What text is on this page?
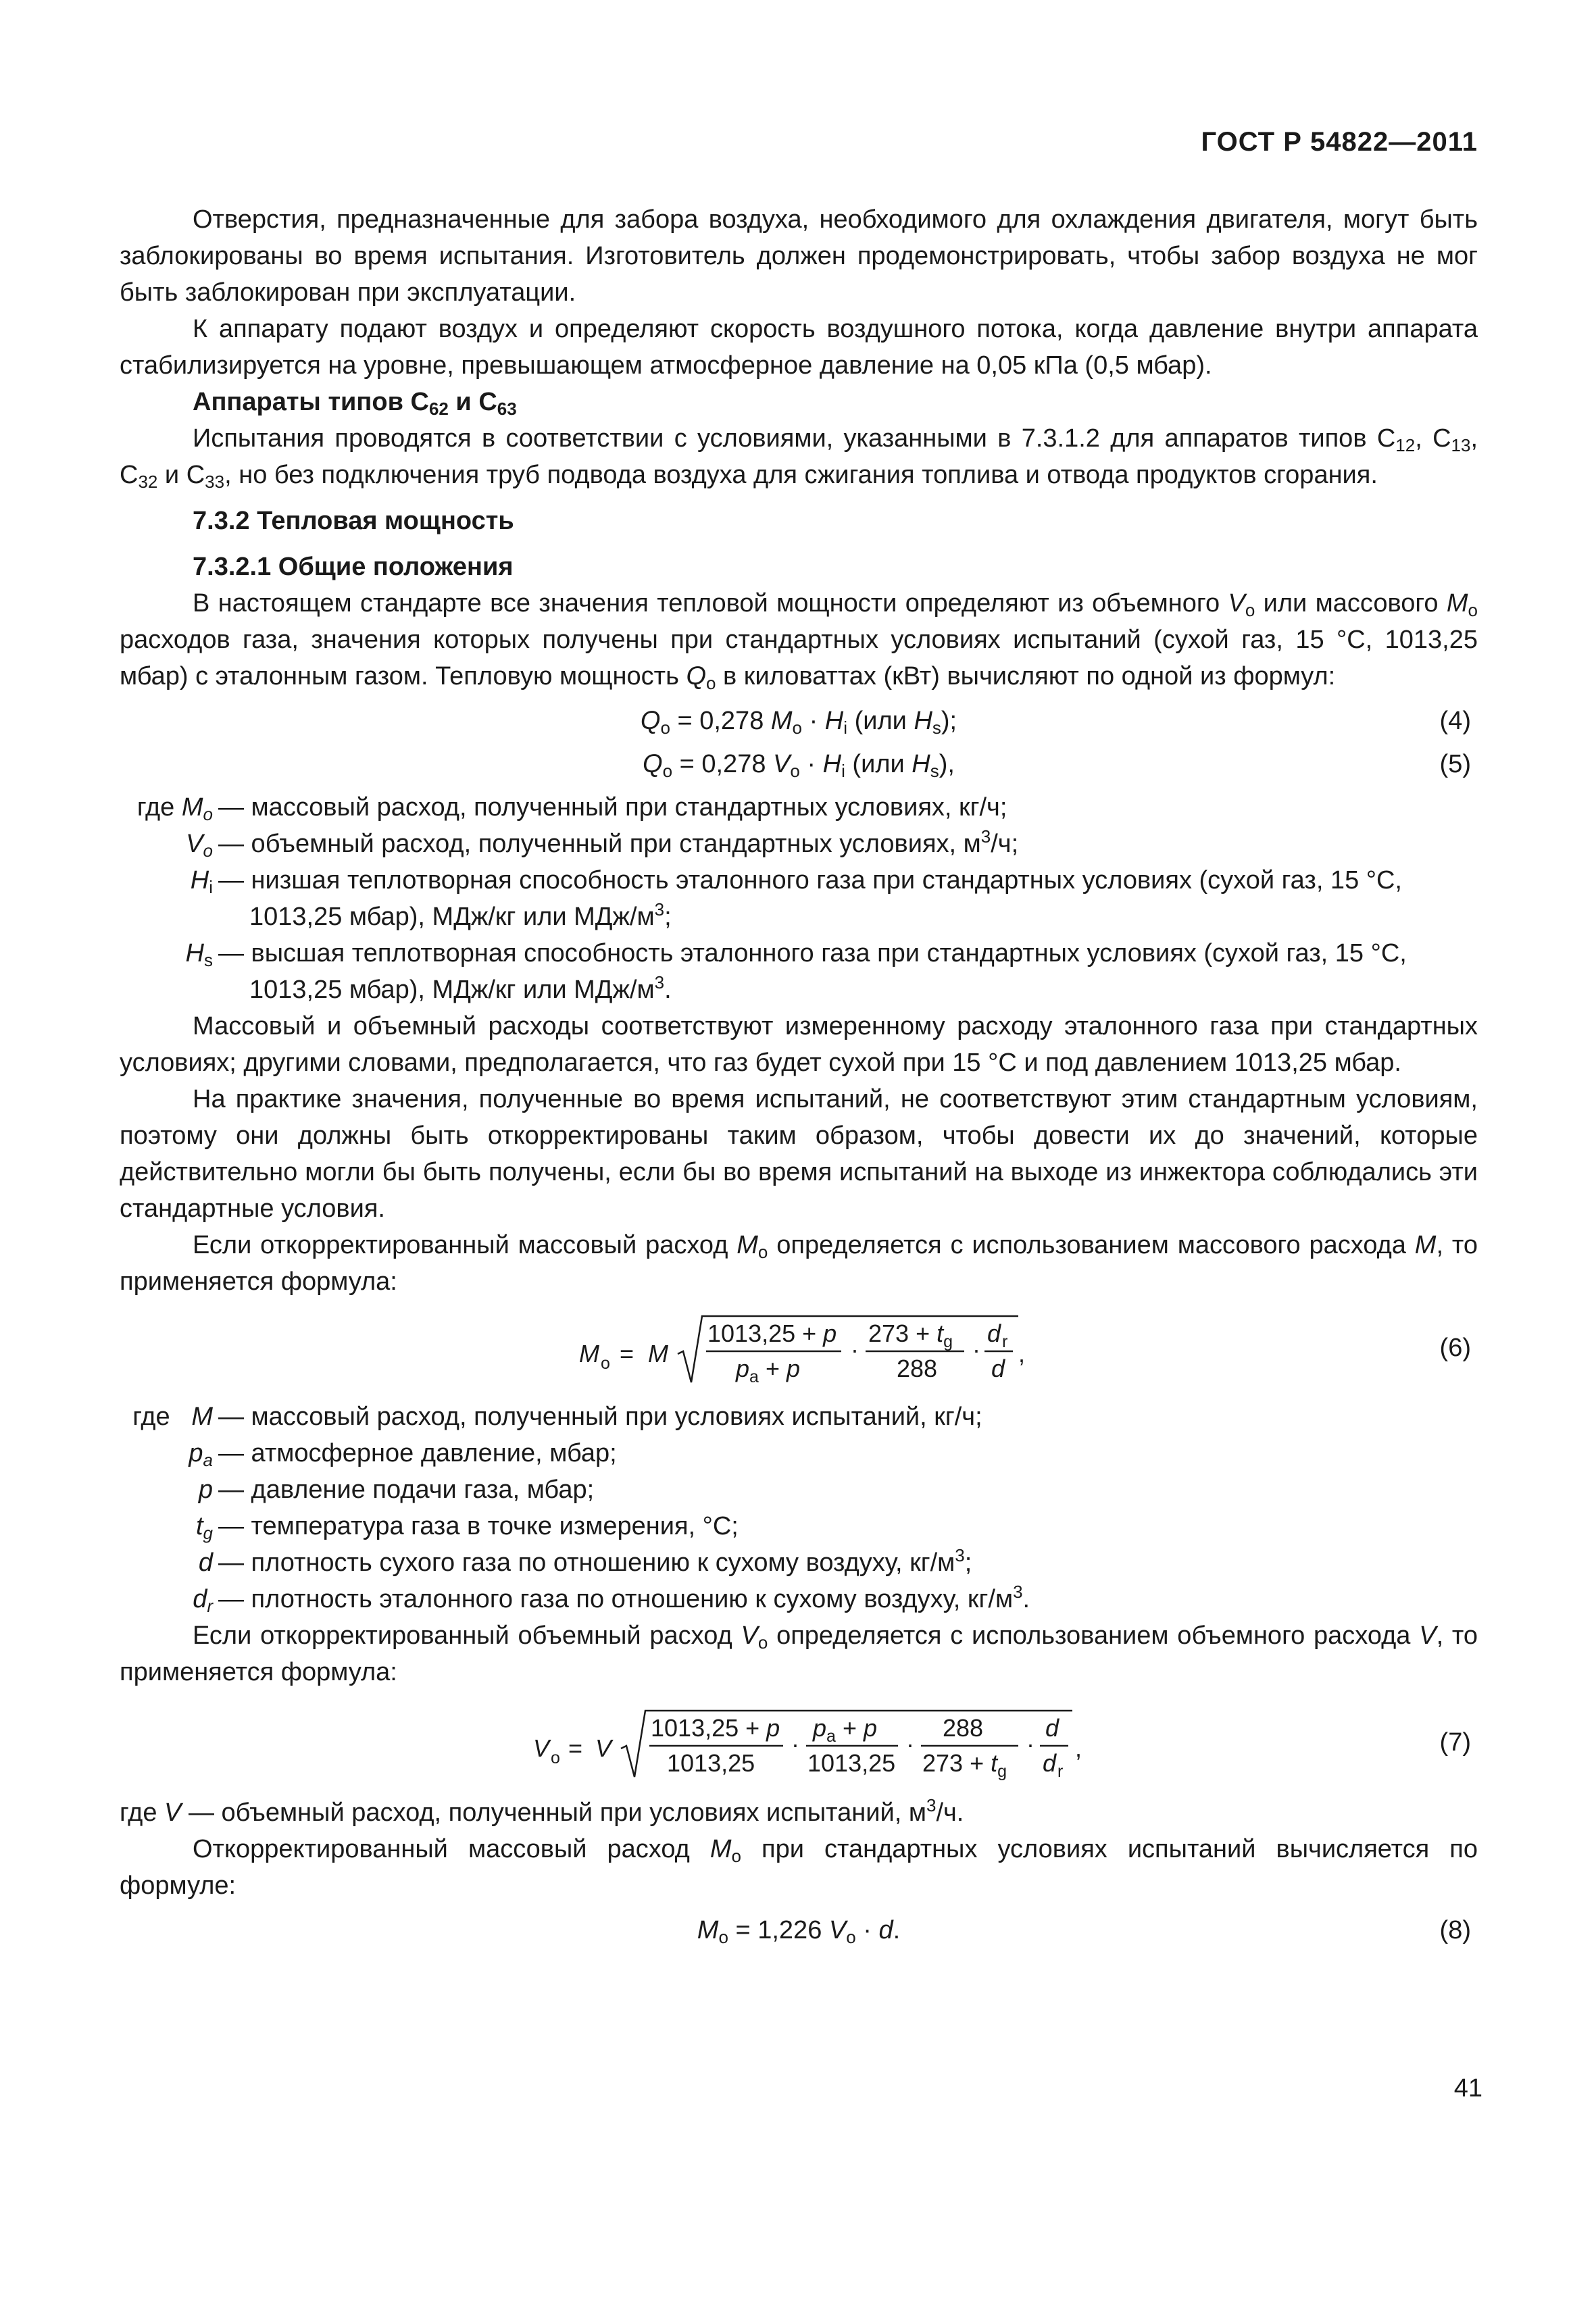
ГОСТ Р 54822—2011

Отверстия, предназначенные для забора воздуха, необходимого для охлаждения двигателя, могут быть заблокированы во время испытания. Изготовитель должен продемонстрировать, чтобы забор воздуха не мог быть заблокирован при эксплуатации.

К аппарату подают воздух и определяют скорость воздушного потока, когда давление внутри аппарата стабилизируется на уровне, превышающем атмосферное давление на 0,05 кПа (0,5 мбар).

Аппараты типов $C_{62}$ и $C_{63}$

Испытания проводятся в соответствии с условиями, указанными в 7.3.1.2 для аппаратов типов $C_{12}$, $C_{13}$, $C_{32}$ и $C_{33}$, но без подключения труб подвода воздуха для сжигания топлива и отвода продуктов сгорания.

7.3.2 Тепловая мощность

7.3.2.1 Общие положения

В настоящем стандарте все значения тепловой мощности определяют из объемного $V_o$ или массового $M_o$ расходов газа, значения которых получены при стандартных условиях испытаний (сухой газ, 15 °C, 1013,25 мбар) с эталонным газом. Тепловую мощность $Q_o$ в киловаттах (кВт) вычисляют по одной из формул:

$Q_o = 0,278$ $M_o \cdot H_i$ (или $H_s$);	(4)
$Q_o = 0,278$ $V_o \cdot H_i$ (или $H_s$),	(5)
где $M_o$ — массовый расход, полученный при стандартных условиях, кг/ч;
$V_o$ — объемный расход, полученный при стандартных условиях, $м^3/ч$;
$H_i$ — низшая теплотворная способность эталонного газа при стандартных условиях (сухой газ, 15 °C,
1013,25 мбар), МДж/кг или МДж/$м^3$;
$H_s$ — высшая теплотворная способность эталонного газа при стандартных условиях (сухой газ, 15 °C,
1013,25 мбар), МДж/кг или МДж/$м^3$.

Массовый и объемный расходы соответствуют измеренному расходу эталонного газа при стандартных условиях; другими словами, предполагается, что газ будет сухой при 15 °C и под давлением 1013,25 мбар.

На практике значения, полученные во время испытаний, не соответствуют этим стандартным условиям, поэтому они должны быть откорректированы таким образом, чтобы довести их до значений, которые действительно могли бы быть получены, если бы во время испытаний на выходе из инжектора соблюдались эти стандартные условия.

Если откорректированный массовый расход $M_o$ определяется с использованием массового расхода M, то применяется формула:

M o = M
1013,25 + p
$p_a + p$
·
$273 + t_g$
288
·
d r
d
,	(6)
где   M — массовый расход, полученный при условиях испытаний, кг/ч;
$p_a$ — атмосферное давление, мбар;
p — давление подачи газа, мбар;
$t_g$ — температура газа в точке измерения, °C;
d — плотность сухого газа по отношению к сухому воздуху, $кг/м^3$;
$d_r$ — плотность эталонного газа по отношению к сухому воздуху, $кг/м^3$.

Если откорректированный объемный расход $V_o$ определяется с использованием объемного расхода V, то применяется формула:

V o = V
1013,25 + p
1013,25
·
$p_a + p$
1013,25
·
288
$273 + t_g$
·
d
d r
,	(7)

где V — объемный расход, полученный при условиях испытаний, $м^3/ч$.

Откорректированный массовый расход $M_o$ при стандартных условиях испытаний вычисляется по формуле:

$M_o = 1,226$ $V_o \cdot d$.	(8)
41
